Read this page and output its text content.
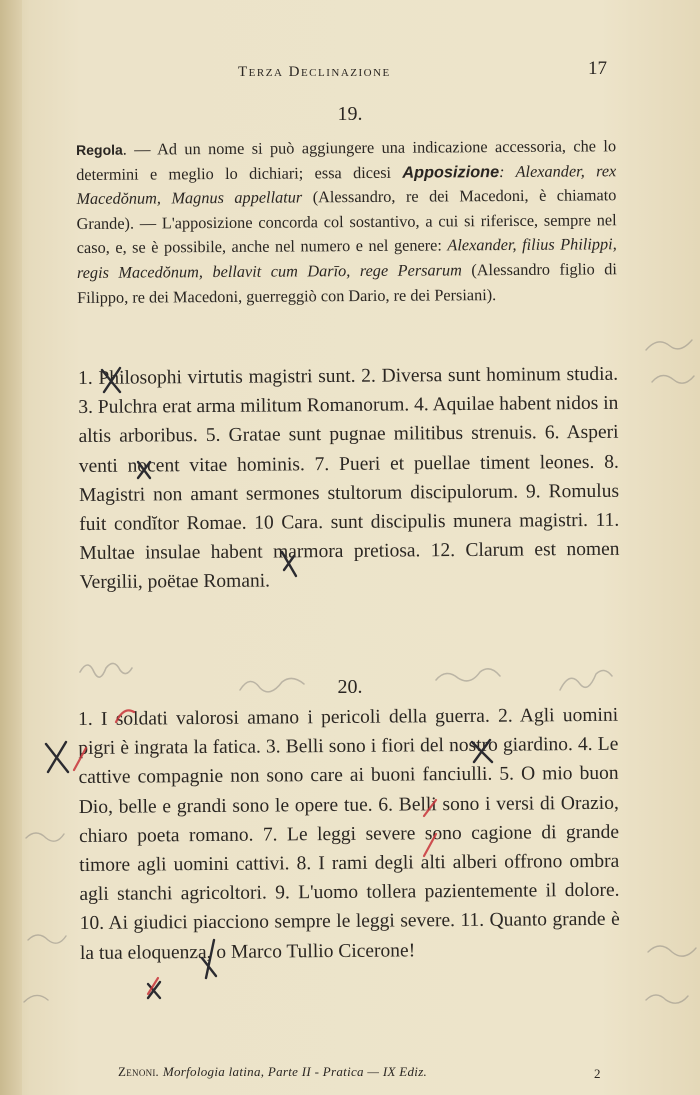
Terza Declinazione	17
19.
Regola. — Ad un nome si può aggiungere una indicazione accessoria, che lo determini e meglio lo dichiari; essa dicesi Apposizione: Alexander, rex Macedŏnum, Magnus appellatur (Alessandro, re dei Macedoni, è chiamato Grande). — L'apposizione concorda col sostantivo, a cui si riferisce, sempre nel caso, e, se è possibile, anche nel numero e nel genere: Alexander, filius Philippi, regis Macedŏnum, bellavit cum Darīo, rege Persarum (Alessandro figlio di Filippo, re dei Macedoni, guerreggiò con Dario, re dei Persiani).
1. Philosophi virtutis magistri sunt. 2. Diversa sunt hominum studia. 3. Pulchra erat arma militum Romanorum. 4. Aquilae habent nidos in altis arboribus. 5. Gratae sunt pugnae militibus strenuis. 6. Asperi venti nocent vitae hominis. 7. Pueri et puellae timent leones. 8. Magistri non amant sermones stultorum discipulorum. 9. Romulus fuit condĭtor Romae. 10 Cara. sunt discipulis munera magistri. 11. Multae insulae habent marmora pretiosa. 12. Clarum est nomen Vergilii, poëtae Romani.
20.
1. I soldati valorosi amano i pericoli della guerra. 2. Agli uomini pigri è ingrata la fatica. 3. Belli sono i fiori del nostro giardino. 4. Le cattive compagnie non sono care ai buoni fanciulli. 5. O mio buon Dio, belle e grandi sono le opere tue. 6. Belli sono i versi di Orazio, chiaro poeta romano. 7. Le leggi severe sono cagione di grande timore agli uomini cattivi. 8. I rami degli alti alberi offrono ombra agli stanchi agricoltori. 9. L'uomo tollera pazientemente il dolore. 10. Ai giudici piacciono sempre le leggi severe. 11. Quanto grande è la tua eloquenza, o Marco Tullio Cicerone!
Zenoni. Morfologia latina, Parte II - Pratica — IX Ediz.	2
